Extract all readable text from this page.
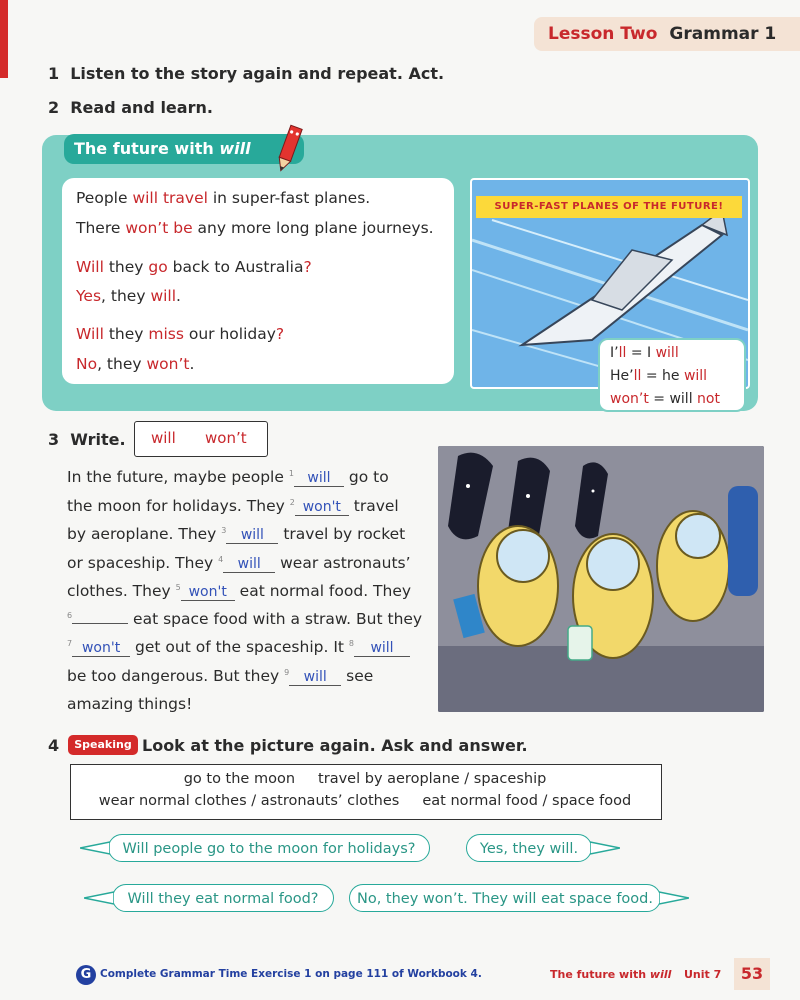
Lesson Two Grammar 1
1 Listen to the story again and repeat. Act.
2 Read and learn.
The future with will
People will travel in super-fast planes.
There won’t be any more long plane journeys.
Will they go back to Australia?
Yes, they will.
Will they miss our holiday?
No, they won’t.
SUPER-FAST PLANES OF THE FUTURE!
I’ll = I will
He’ll = he will
won’t = will not
3 Write. will won’t
In the future, maybe people $^1$ will go to
the moon for holidays. They $^2$ won't travel
by aeroplane. They $^3$ will travel by rocket
or spaceship. They $^4$ will wear astronauts’
clothes. They $^5$ won't eat normal food. They
$^6$	eat space food with a straw. But they
$^7$ won't get out of the spaceship. It $^8$ will
be too dangerous. But they $^9$ will see
amazing things!
4	Speaking Look at the picture again. Ask and answer.
go to the moon     travel by aeroplane / spaceship
wear normal clothes / astronauts’ clothes     eat normal food / space food
Will people go to the moon for holidays?	Yes, they will.
Will they eat normal food?	No, they won’t. They will eat space food.
G Complete Grammar Time Exercise 1 on page 111 of Workbook 4.	The future with will Unit 7	53
